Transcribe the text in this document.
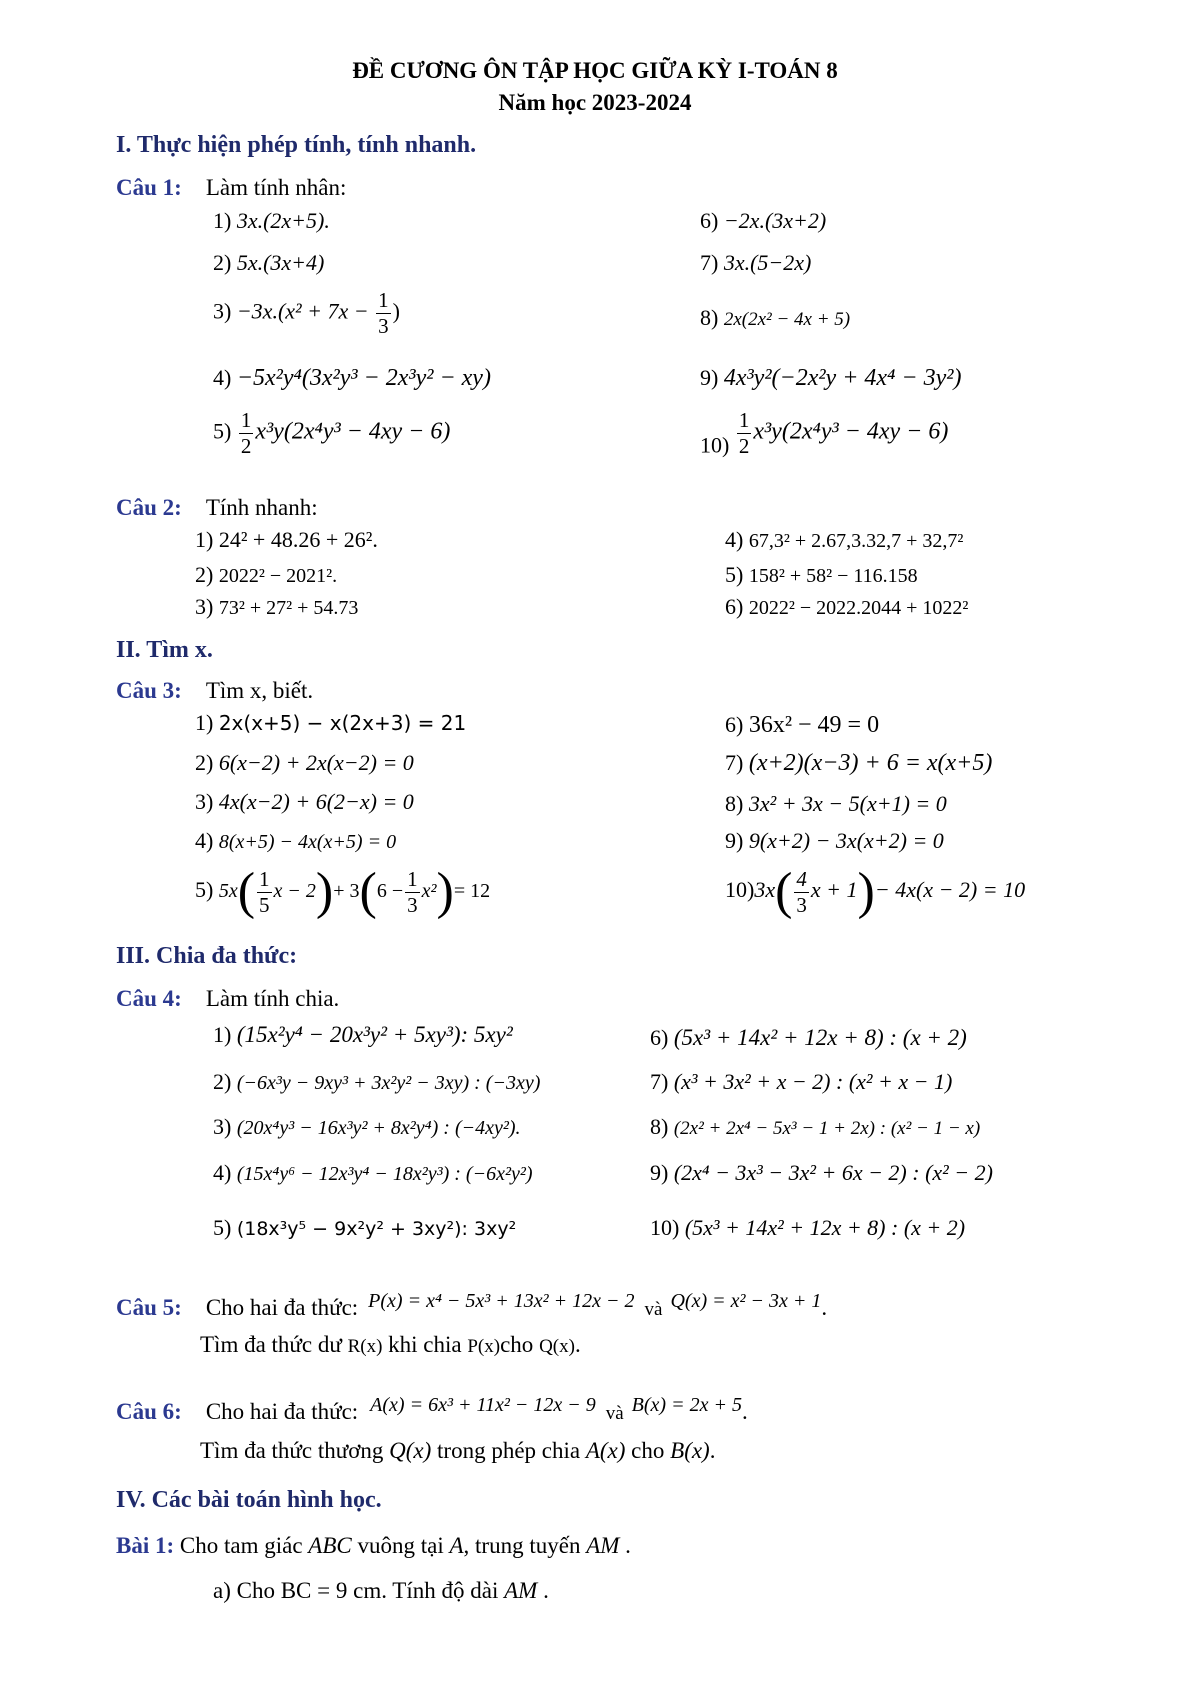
ĐỀ CƯƠNG ÔN TẬP HỌC GIỮA KỲ I-TOÁN 8
Năm học 2023-2024
I. Thực hiện phép tính, tính nhanh.
Câu 1: Làm tính nhân:
1) 3x.(2x+5).
2) 5x.(3x+4)
$3) -3x.(x^2 + 7x - \frac{1}{3}$ )
4) −5x²y⁴(3x²y³ − 2x³y² − xy)
$5) \frac{1}{2} x^3y(2x^4y^3 - 4xy - 6)$
6) −2x.(3x+2)
7) 3x.(5−2x)
8) 2x(2x² − 4x + 5)
9) 4x³y²(−2x²y + 4x⁴ − 3y²)
$10) \frac{1}{2} x^3y(2x^4y^3 - 4xy - 6)$
Câu 2: Tính nhanh:
1) 24² + 48.26 + 26².
2) 2022² − 2021².
3) 73² + 27² + 54.73
4) 67,3² + 2.67,3.32,7 + 32,7²
5) 158² + 58² − 116.158
6) 2022² − 2022.2044 + 1022²
II. Tìm x.
Câu 3: Tìm x, biết.
1) 2x(x+5) − x(2x+3) = 21
2) 6(x−2) + 2x(x−2) = 0
3) 4x(x−2) + 6(2−x) = 0
4) 8(x+5) − 4x(x+5) = 0
5) $5x( \frac{1}{5}$ $x - 2)+ 3(6 - \frac{1}{3} x^2)= 12$
6) 36x² − 49 = 0
7) (x+2)(x−3) + 6 = x(x+5)
8) 3x² + 3x − 5(x+1) = 0
9) 9(x+2) − 3x(x+2) = 0
$10)3x( \frac{4}{3}$ x + 1)− 4x(x − 2) = 10
III. Chia đa thức:
Câu 4: Làm tính chia.
1) (15x²y⁴ − 20x³y² + 5xy³): 5xy²
2) (−6x³y − 9xy³ + 3x²y² − 3xy) : (−3xy)
3) (20x⁴y³ − 16x³y² + 8x²y⁴) : (−4xy²).
4) (15x⁴y⁶ − 12x³y⁴ − 18x²y³) : (−6x²y²)
5) (18x³y⁵ − 9x²y² + 3xy²): 3xy²
6) (5x³ + 14x² + 12x + 8) : (x + 2)
7) (x³ + 3x² + x − 2) : (x² + x − 1)
8) (2x² + 2x⁴ − 5x³ − 1 + 2x) : (x² − 1 − x)
9) (2x⁴ − 3x³ − 3x² + 6x − 2) : (x² − 2)
10) (5x³ + 14x² + 12x + 8) : (x + 2)
Câu 5: Cho hai đa thức: P(x) = x⁴ − 5x³ + 13x² + 12x − 2 và Q(x) = x² − 3x + 1.
Tìm đa thức dư R(x) khi chia P(x)cho Q(x).
Câu 6: Cho hai đa thức: A(x) = 6x³ + 11x² − 12x − 9 và B(x) = 2x + 5.
Tìm đa thức thương Q(x) trong phép chia A(x) cho B(x).
IV. Các bài toán hình học.
Bài 1: Cho tam giác ABC vuông tại A, trung tuyến AM .
a) Cho BC = 9 cm. Tính độ dài AM .
